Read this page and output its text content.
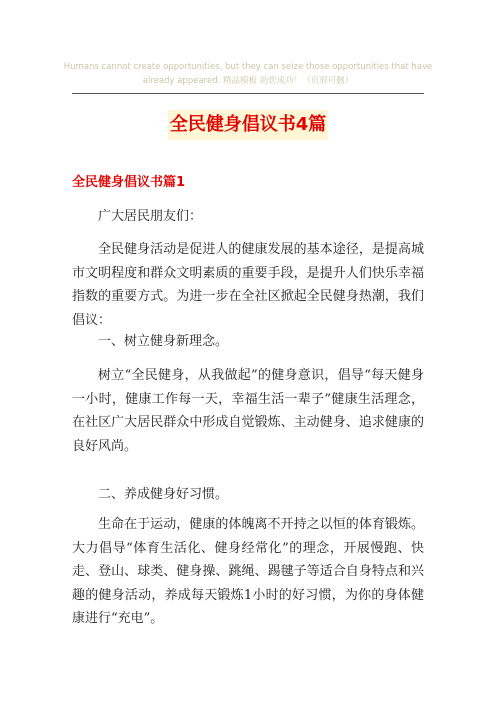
Humans cannot create opportunities, but they can seize those opportunities that have already appeared. 精品模板 助您成功！（页眉可删）
全民健身倡议书4篇
全民健身倡议书篇1

广大居民朋友们：

全民健身活动是促进人的健康发展的基本途径，是提高城市文明程度和群众文明素质的重要手段，是提升人们快乐幸福指数的重要方式。为进一步在全社区掀起全民健身热潮，我们倡议：

一、树立健身新理念。

树立“全民健身，从我做起”的健身意识，倡导“每天健身一小时，健康工作每一天，幸福生活一辈子”健康生活理念，在社区广大居民群众中形成自觉锻炼、主动健身、追求健康的良好风尚。

二、养成健身好习惯。

生命在于运动，健康的体魄离不开持之以恒的体育锻炼。大力倡导“体育生活化、健身经常化”的理念，开展慢跑、快走、登山、球类、健身操、跳绳、踢毽子等适合自身特点和兴趣的健身活动，养成每天锻炼1小时的好习惯，为你的身体健康进行“充电”。
